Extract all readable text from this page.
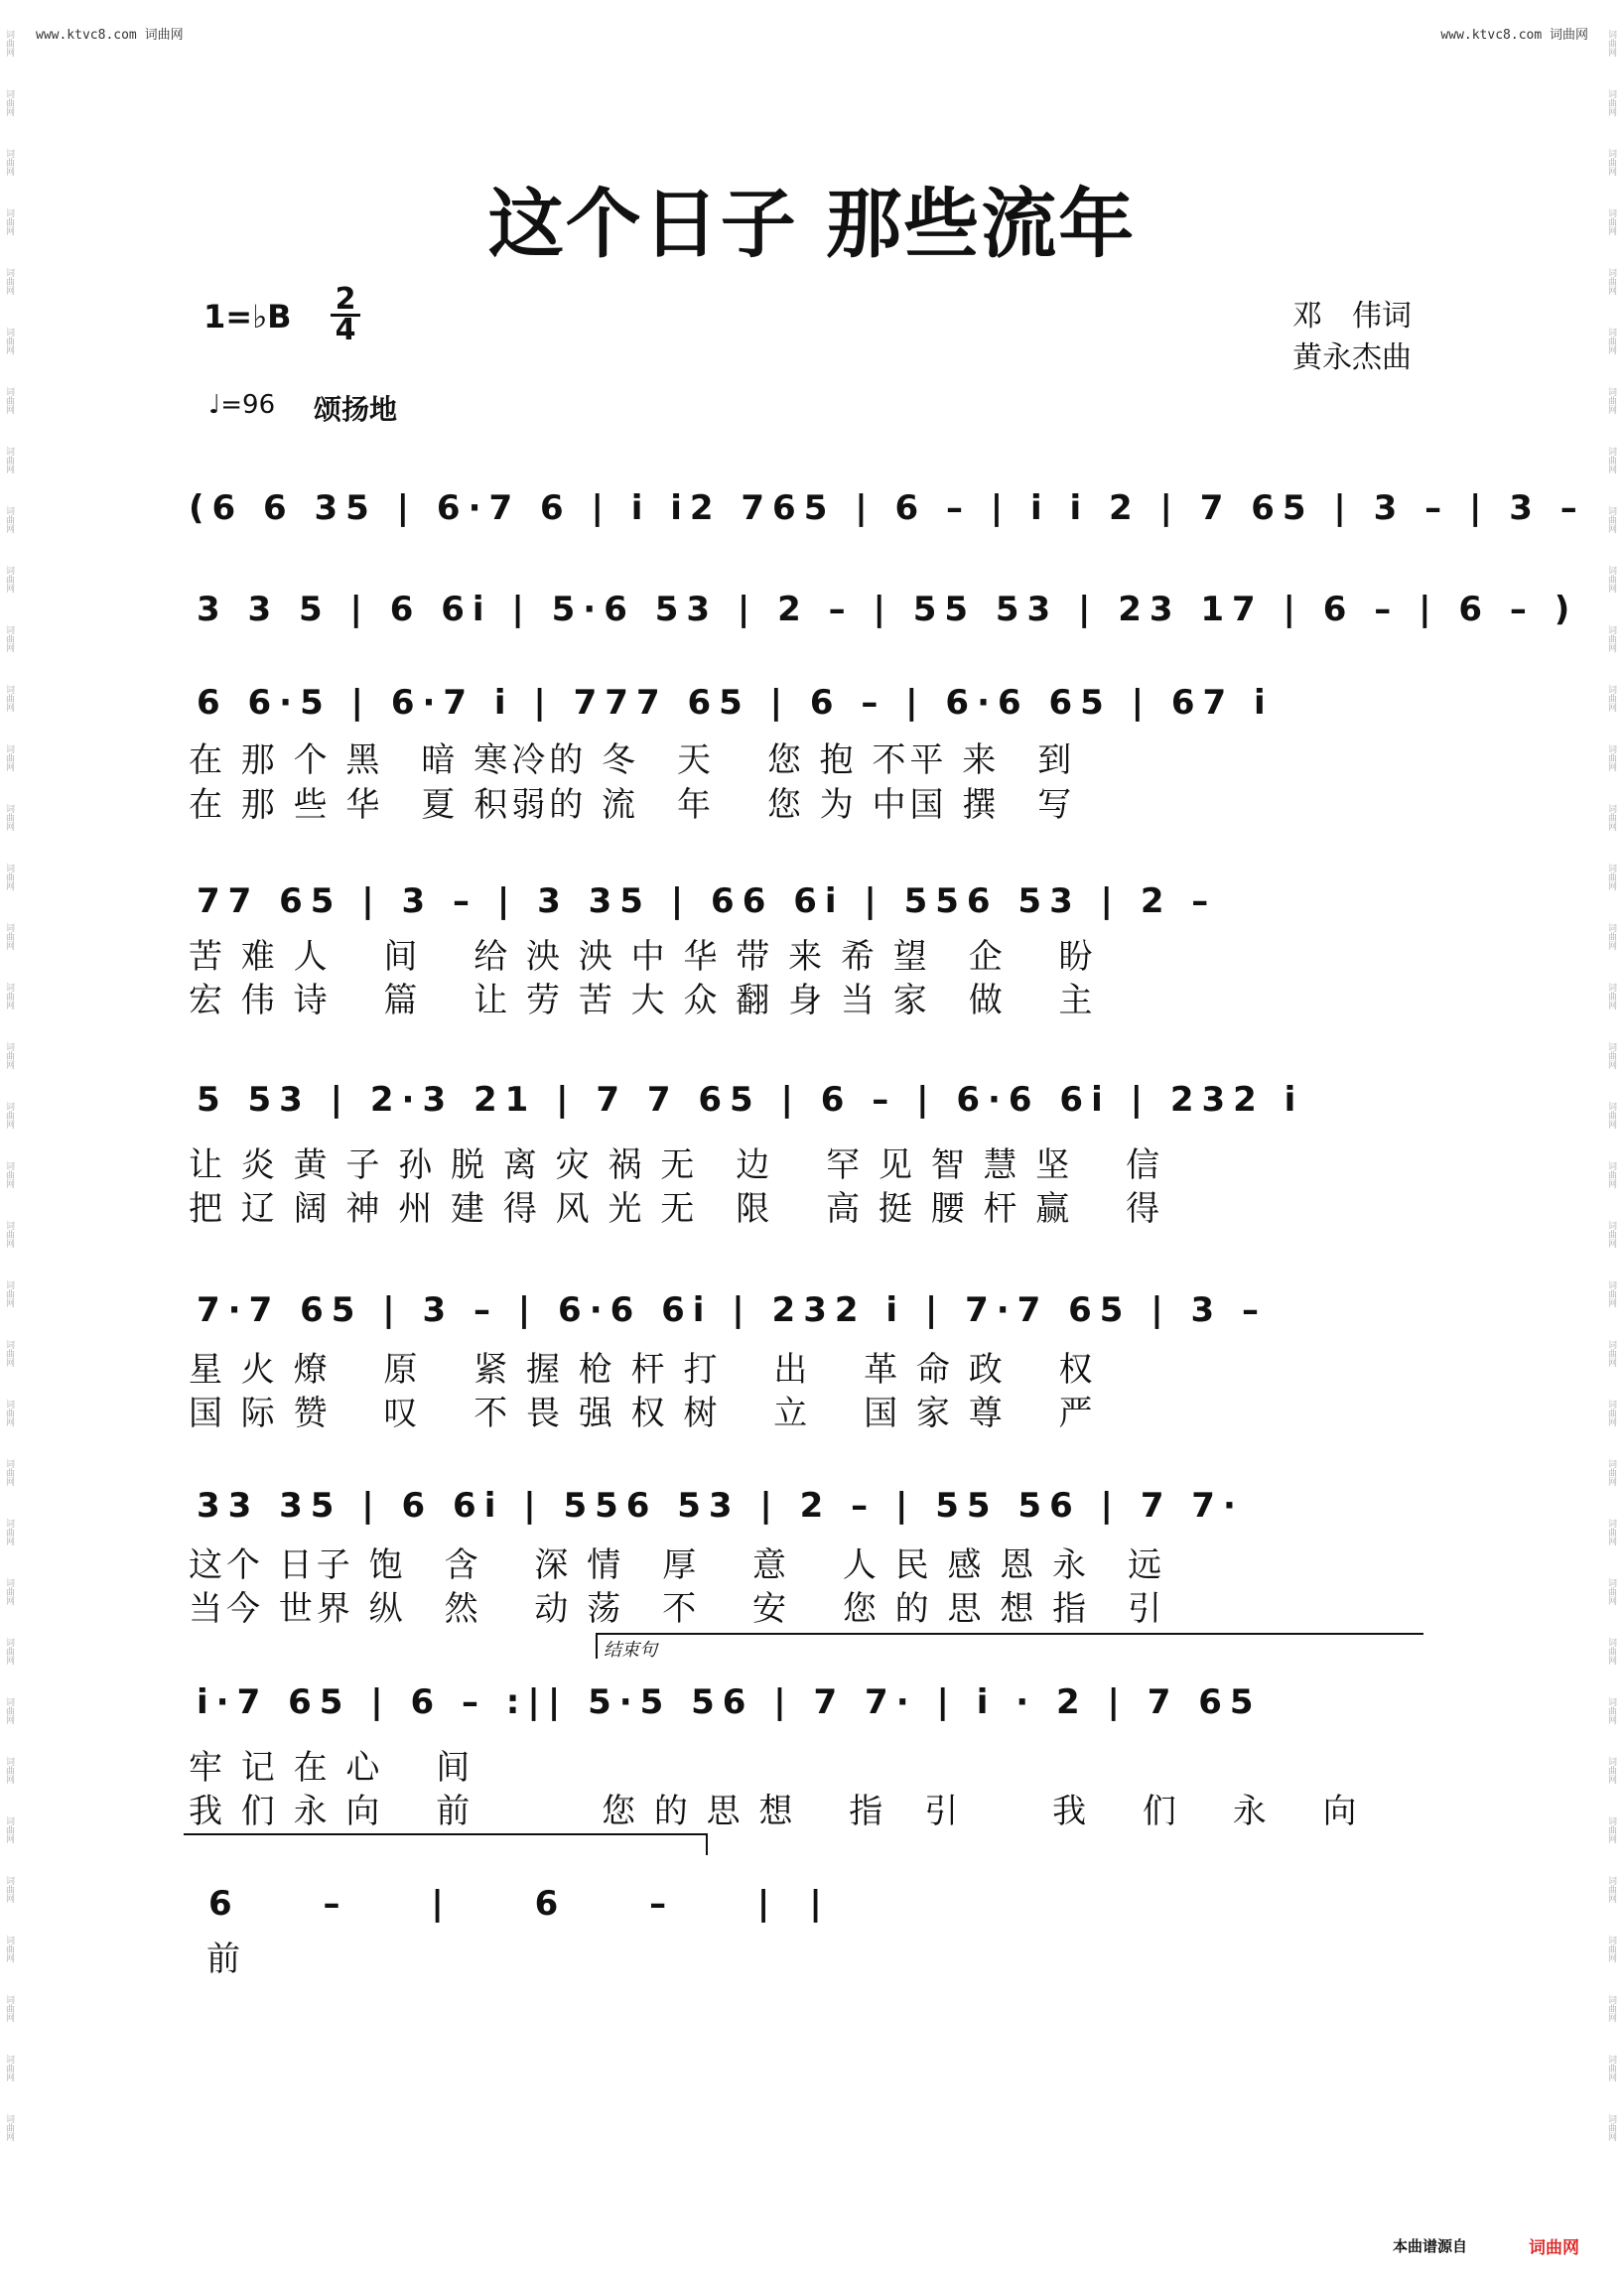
www.ktvc8.com 词曲网	www.ktvc8.com 词曲网
词曲网
词曲网
词曲网
词曲网
词曲网
词曲网
词曲网
词曲网
词曲网
词曲网
词曲网
词曲网
词曲网
词曲网
词曲网
词曲网
词曲网
词曲网
词曲网
词曲网
词曲网
词曲网
词曲网
词曲网
词曲网
词曲网
词曲网
词曲网
词曲网
词曲网
词曲网
词曲网
词曲网
词曲网
词曲网
词曲网
词曲网
词曲网
词曲网
词曲网
词曲网
词曲网
词曲网
词曲网
词曲网
词曲网
词曲网
词曲网
词曲网
词曲网
词曲网
词曲网
词曲网
词曲网
词曲网
词曲网
词曲网
词曲网
词曲网
词曲网
词曲网
词曲网
词曲网
词曲网
词曲网
词曲网
词曲网
词曲网
词曲网
词曲网
词曲网
词曲网
这个日子 那些流年
1=♭B 2
4	邓　伟词
黄永杰曲
♩=96 颂扬地
(6 6 35 | 6·7 6 | i i2 765 | 6 – | i i 2 | 7 65 | 3 – | 3 –
3 3 5 | 6 6i | 5·6 53 | 2 – | 55 53 | 23 17 | 6 – | 6 – )
6 6·5 | 6·7 i | 777 65 | 6 – | 6·6 65 | 67 i
在 那 个 黑　暗 寒冷的 冬　天　 您 抱 不平 来　到
在 那 些 华　夏 积弱的 流　年　 您 为 中国 撰　写
77 65 | 3 – | 3 35 | 66 6i | 556 53 | 2 –
苦 难 人　 间　 给 泱 泱 中 华 带 来 希 望　企　 盼
宏 伟 诗　 篇　 让 劳 苦 大 众 翻 身 当 家　做　 主
5 53 | 2·3 21 | 7 7 65 | 6 – | 6·6 6i | 232 i
让 炎 黄 子 孙 脱 离 灾 祸 无　边　 罕 见 智 慧 坚　 信
把 辽 阔 神 州 建 得 风 光 无　限　 高 挺 腰 杆 赢　 得
7·7 65 | 3 – | 6·6 6i | 232 i | 7·7 65 | 3 –
星 火 燎　 原　 紧 握 枪 杆 打　 出　 革 命 政　 权
国 际 赞　 叹　 不 畏 强 权 树　 立　 国 家 尊　 严
33 35 | 6 6i | 556 53 | 2 – | 55 56 | 7 7·
这个 日子 饱　含　 深 情　厚　 意　 人 民 感 恩 永　远
当今 世界 纵　然　 动 荡　不　 安　 您 的 思 想 指　引
结束句
i·7 65 | 6 – :|| 5·5 56 | 7 7· | i · 2 | 7 65
牢 记 在 心　 间
我 们 永 向　 前　　　 您 的 思 想　 指　引　　 我　 们　 永　 向
6 – | 6 – ||
前
本曲谱源自	词曲网
